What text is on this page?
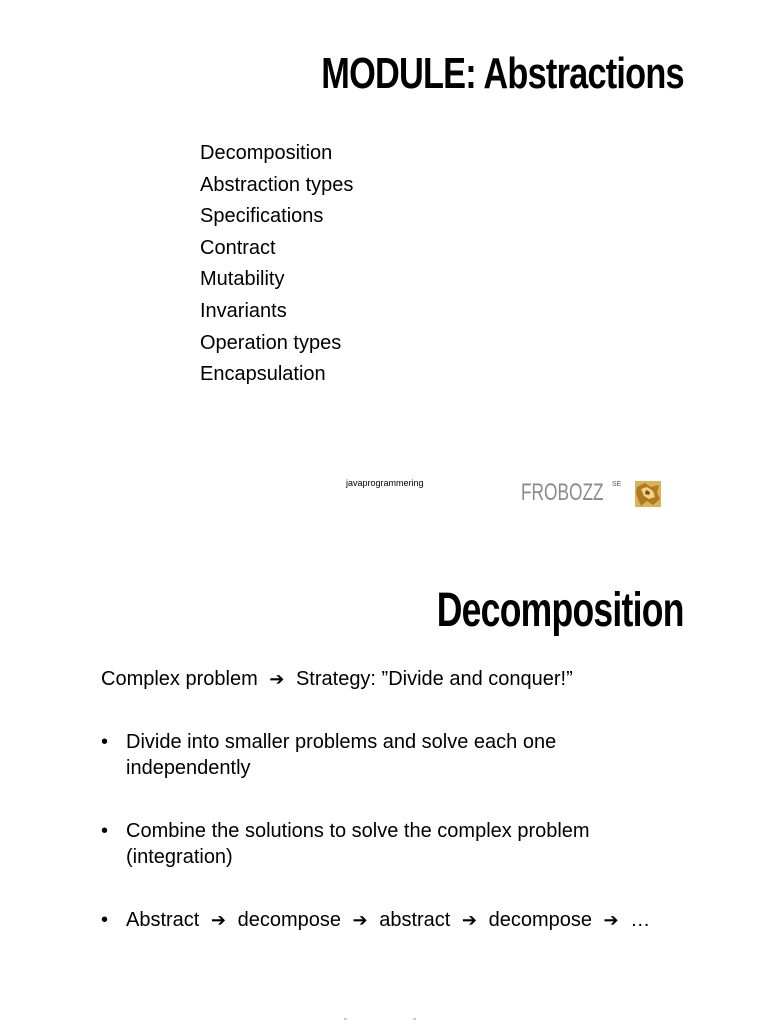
MODULE: Abstractions
Decomposition
Abstraction types
Specifications
Contract
Mutability
Invariants
Operation types
Encapsulation
javaprogrammering	FROBOZZ SE
Decomposition
Complex problem ➔ Strategy: ”Divide and conquer!”
• Divide into smaller problems and solve each one independently
• Combine the solutions to solve the complex problem (integration)
• Abstract ➔ decompose ➔ abstract ➔ decompose ➔ …
